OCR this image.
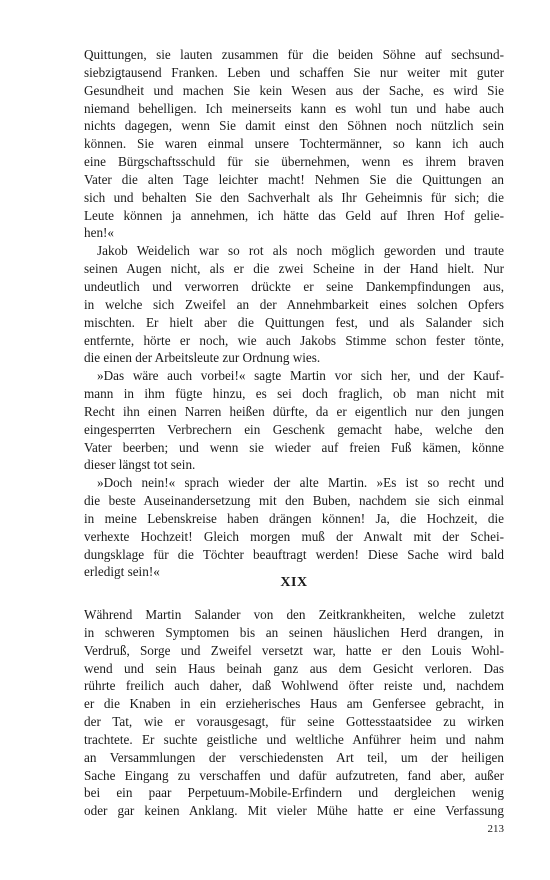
Quittungen, sie lauten zusammen für die beiden Söhne auf sechsund-
siebzigtausend Franken. Leben und schaffen Sie nur weiter mit guter
Gesundheit und machen Sie kein Wesen aus der Sache, es wird Sie
niemand behelligen. Ich meinerseits kann es wohl tun und habe auch
nichts dagegen, wenn Sie damit einst den Söhnen noch nützlich sein
können. Sie waren einmal unsere Tochtermänner, so kann ich auch
eine Bürgschaftsschuld für sie übernehmen, wenn es ihrem braven
Vater die alten Tage leichter macht! Nehmen Sie die Quittungen an
sich und behalten Sie den Sachverhalt als Ihr Geheimnis für sich; die
Leute können ja annehmen, ich hätte das Geld auf Ihren Hof gelie-
hen!«
Jakob Weidelich war so rot als noch möglich geworden und traute
seinen Augen nicht, als er die zwei Scheine in der Hand hielt. Nur
undeutlich und verworren drückte er seine Dankempfindungen aus,
in welche sich Zweifel an der Annehmbarkeit eines solchen Opfers
mischten. Er hielt aber die Quittungen fest, und als Salander sich
entfernte, hörte er noch, wie auch Jakobs Stimme schon fester tönte,
die einen der Arbeitsleute zur Ordnung wies.
»Das wäre auch vorbei!« sagte Martin vor sich her, und der Kauf-
mann in ihm fügte hinzu, es sei doch fraglich, ob man nicht mit
Recht ihn einen Narren heißen dürfte, da er eigentlich nur den jungen
eingesperrten Verbrechern ein Geschenk gemacht habe, welche den
Vater beerben; und wenn sie wieder auf freien Fuß kämen, könne
dieser längst tot sein.
»Doch nein!« sprach wieder der alte Martin. »Es ist so recht und
die beste Auseinandersetzung mit den Buben, nachdem sie sich einmal
in meine Lebenskreise haben drängen können! Ja, die Hochzeit, die
verhexte Hochzeit! Gleich morgen muß der Anwalt mit der Schei-
dungsklage für die Töchter beauftragt werden! Diese Sache wird bald
erledigt sein!«
XIX
Während Martin Salander von den Zeitkrankheiten, welche zuletzt
in schweren Symptomen bis an seinen häuslichen Herd drangen, in
Verdruß, Sorge und Zweifel versetzt war, hatte er den Louis Wohl-
wend und sein Haus beinah ganz aus dem Gesicht verloren. Das
rührte freilich auch daher, daß Wohlwend öfter reiste und, nachdem
er die Knaben in ein erzieherisches Haus am Genfersee gebracht, in
der Tat, wie er vorausgesagt, für seine Gottesstaatsidee zu wirken
trachtete. Er suchte geistliche und weltliche Anführer heim und nahm
an Versammlungen der verschiedensten Art teil, um der heiligen
Sache Eingang zu verschaffen und dafür aufzutreten, fand aber, außer
bei ein paar Perpetuum-Mobile-Erfindern und dergleichen wenig
oder gar keinen Anklang. Mit vieler Mühe hatte er eine Verfassung
213
